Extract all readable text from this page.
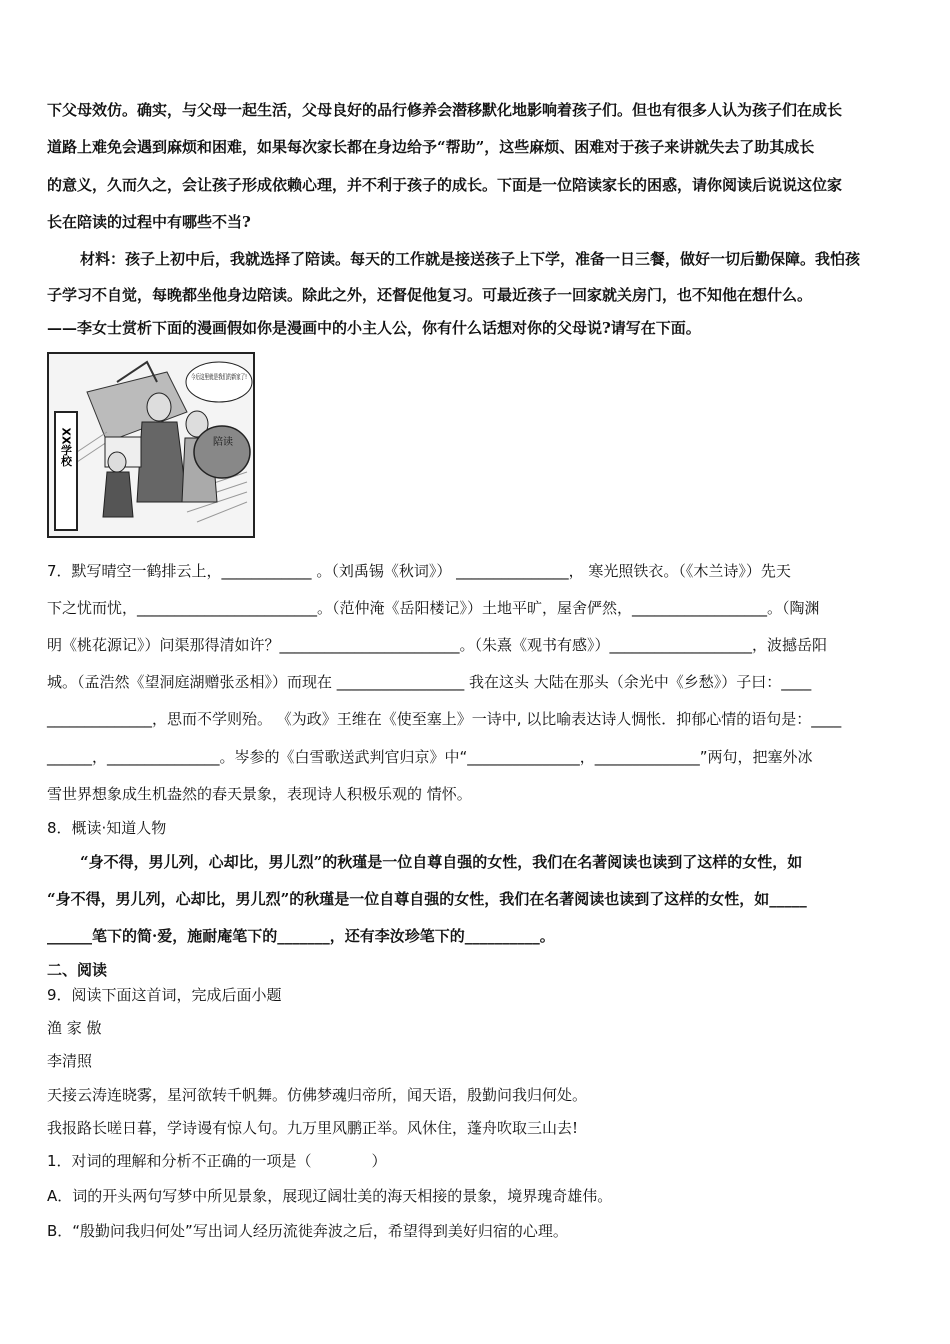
下父母效仿。确实，与父母一起生活，父母良好的品行修养会潜移默化地影响着孩子们。但也有很多人认为孩子们在成长
道路上难免会遇到麻烦和困难，如果每次家长都在身边给予“帮助”，这些麻烦、困难对于孩子来讲就失去了助其成长
的意义，久而久之，会让孩子形成依赖心理，并不利于孩子的成长。下面是一位陪读家长的困惑，请你阅读后说说这位家
长在陪读的过程中有哪些不当?
材料：孩子上初中后，我就选择了陪读。每天的工作就是接送孩子上下学，准备一日三餐，做好一切后勤保障。我怕孩
子学习不自觉，每晚都坐他身边陪读。除此之外，还督促他复习。可最近孩子一回家就关房门，也不知他在想什么。
——李女士赏析下面的漫画假如你是漫画中的小主人公，你有什么话想对你的父母说?请写在下面。
XX学校	陪读
今后这里就是我们的新家了!
7．默写晴空一鹤排云上，____________ 。（刘禹锡《秋词》） _______________， 寒光照铁衣。（《木兰诗》）先天
下之忧而忧，________________________。（范仲淹《岳阳楼记》）土地平旷，屋舍俨然，__________________。（陶渊
明《桃花源记》）问渠那得清如许？________________________。（朱熹《观书有感》）___________________，波撼岳阳
城。（孟浩然《望洞庭湖赠张丞相》）而现在 _________________ 我在这头 大陆在那头（余光中《乡愁》）子曰：____
______________，思而不学则殆。 《为政》王维在《使至塞上》一诗中, 以比喻表达诗人惆怅．抑郁心情的语句是：____
______，_______________。岑参的《白雪歌送武判官归京》中“_______________，______________”两句，把塞外冰
雪世界想象成生机盎然的春天景象，表现诗人积极乐观的 情怀。
8．概读·知道人物
“身不得，男儿列，心却比，男儿烈”的秋瑾是一位自尊自强的女性，我们在名著阅读也读到了这样的女性，如
“身不得，男儿列，心却比，男儿烈”的秋瑾是一位自尊自强的女性，我们在名著阅读也读到了这样的女性，如_____
______笔下的简·爱，施耐庵笔下的_______，还有李汝珍笔下的__________。
二、阅读
9．阅读下面这首词，完成后面小题
渔 家 傲
李清照
天接云涛连晓雾，星河欲转千帆舞。仿佛梦魂归帝所，闻天语，殷勤问我归何处。
我报路长嗟日暮，学诗谩有惊人句。九万里风鹏正举。风休住，蓬舟吹取三山去!
1．对词的理解和分析不正确的一项是（　　　　）
A．词的开头两句写梦中所见景象，展现辽阔壮美的海天相接的景象，境界瑰奇雄伟。
B．“殷勤问我归何处”写出词人经历流徙奔波之后，希望得到美好归宿的心理。
